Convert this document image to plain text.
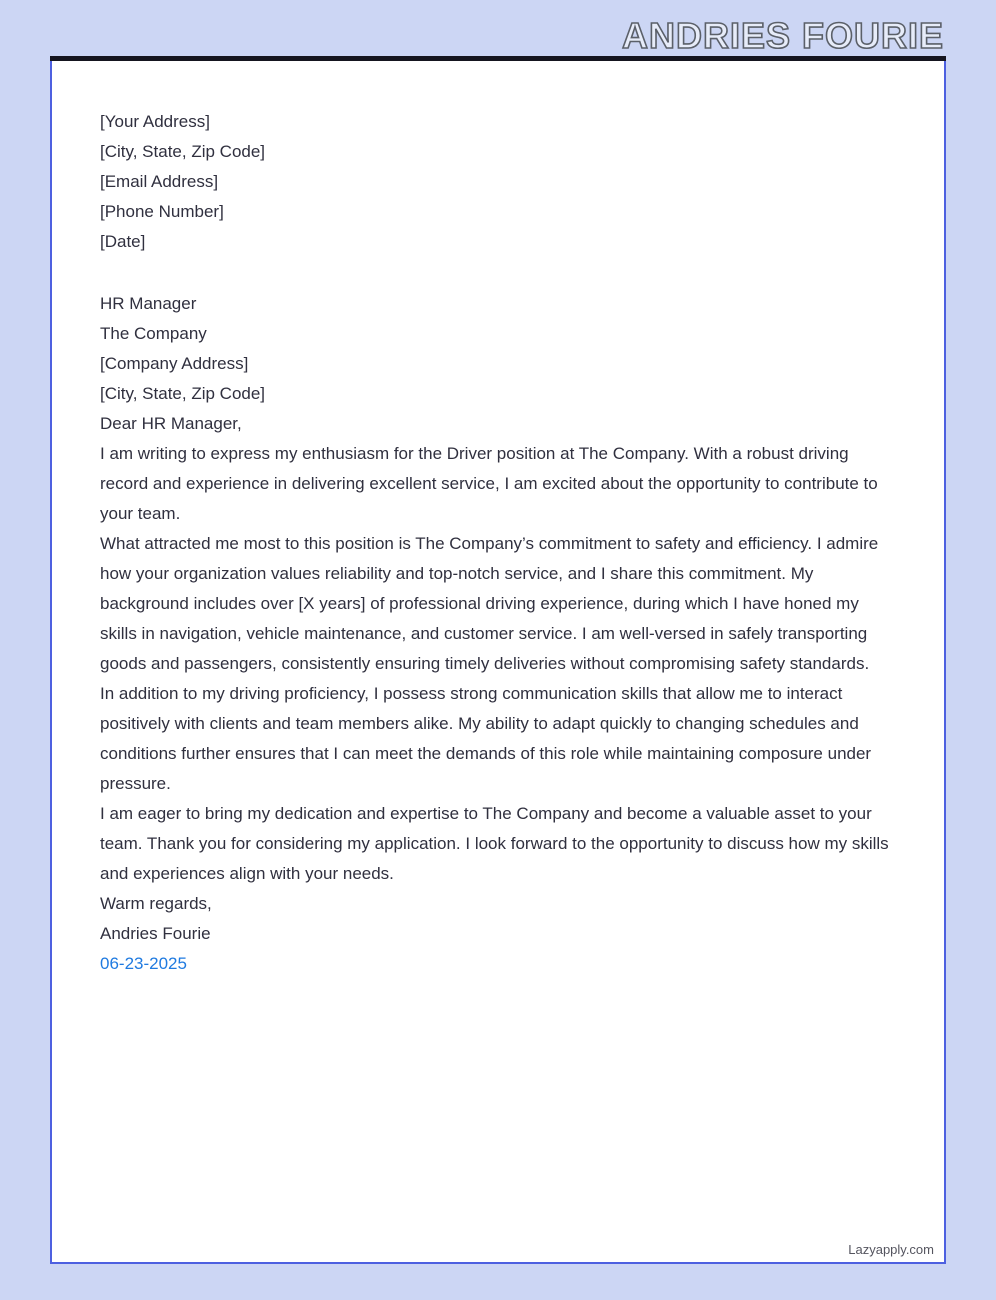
ANDRIES FOURIE

[Your Address]

[City, State, Zip Code]

[Email Address]

[Phone Number]

[Date]

HR Manager

The Company

[Company Address]

[City, State, Zip Code]

Dear HR Manager,

I am writing to express my enthusiasm for the Driver position at The Company. With a robust driving record and experience in delivering excellent service, I am excited about the opportunity to contribute to your team.

What attracted me most to this position is The Company’s commitment to safety and efficiency. I admire how your organization values reliability and top-notch service, and I share this commitment. My background includes over [X years] of professional driving experience, during which I have honed my skills in navigation, vehicle maintenance, and customer service. I am well-versed in safely transporting goods and passengers, consistently ensuring timely deliveries without compromising safety standards.

In addition to my driving proficiency, I possess strong communication skills that allow me to interact positively with clients and team members alike. My ability to adapt quickly to changing schedules and conditions further ensures that I can meet the demands of this role while maintaining composure under pressure.

I am eager to bring my dedication and expertise to The Company and become a valuable asset to your team. Thank you for considering my application. I look forward to the opportunity to discuss how my skills and experiences align with your needs.

Warm regards,

Andries Fourie

06-23-2025

Lazyapply.com
